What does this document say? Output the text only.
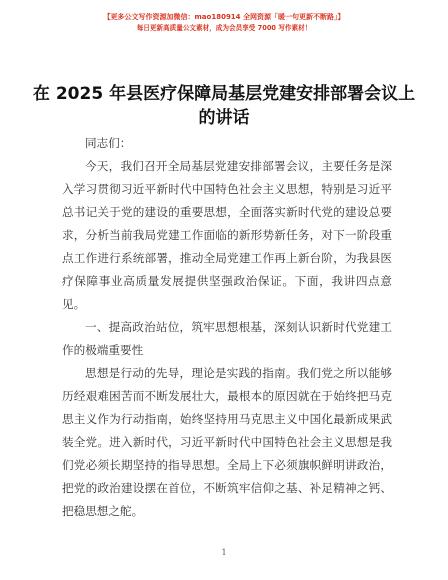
【更多公文写作资源加微信：mao180914 全网资源「暖一句更新不断路」】
每日更新高质量公文素材，成为会员享受 7000 写作素材！
在 2025 年县医疗保障局基层党建安排部署会议上的讲话

同志们：

今天，我们召开全局基层党建安排部署会议，主要任务是深入学习贯彻习近平新时代中国特色社会主义思想，特别是习近平总书记关于党的建设的重要思想，全面落实新时代党的建设总要求，分析当前我局党建工作面临的新形势新任务，对下一阶段重点工作进行系统部署，推动全局党建工作再上新台阶，为我县医疗保障事业高质量发展提供坚强政治保证。下面，我讲四点意见。

一、提高政治站位，筑牢思想根基，深刻认识新时代党建工作的极端重要性

思想是行动的先导，理论是实践的指南。我们党之所以能够历经艰难困苦而不断发展壮大，最根本的原因就在于始终把马克思主义作为行动指南，始终坚持用马克思主义中国化最新成果武装全党。进入新时代，习近平新时代中国特色社会主义思想是我们党必须长期坚持的指导思想。全局上下必须旗帜鲜明讲政治，把党的政治建设摆在首位，不断筑牢信仰之基、补足精神之钙、把稳思想之舵。

1
